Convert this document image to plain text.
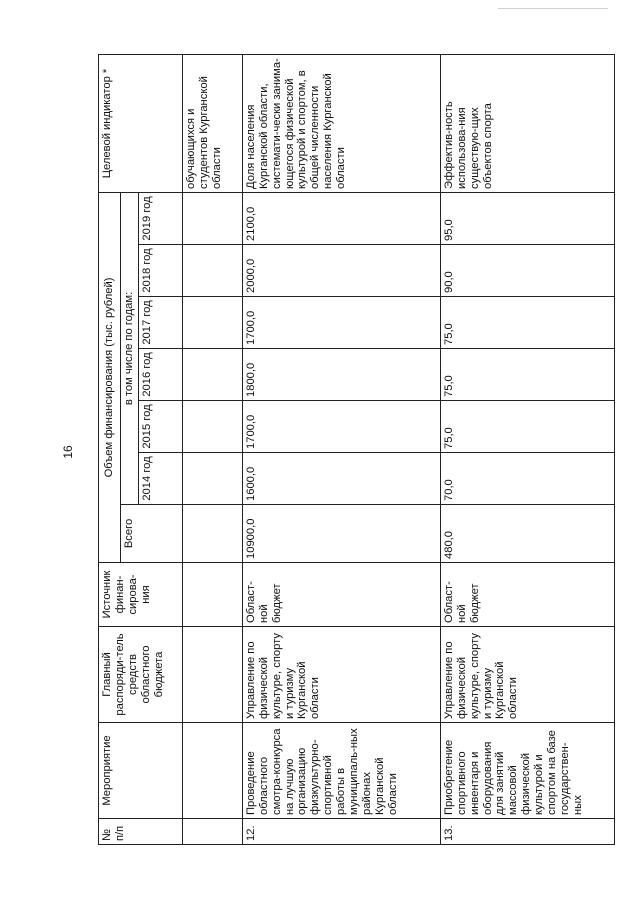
16
№ п/п	Мероприятие	Главный распоряди-тель средств областного бюджета	Источник финан-сирова-ния	Объем финансирования (тыс. рублей)							Целевой индикатор *
				Всего	в том числе по годам:						
					2014 год	2015 год	2016 год	2017 год	2018 год	2019 год	
											обучающихся и студентов Курганской области
12.	Проведение областного смотра-конкурса на лучшую организацию физкультурно-спортивной работы в муниципаль-ных районах Курганской области	Управление по физической культуре, спорту и туризму Курганской области	Област-ной бюджет	10900,0	1600,0	1700,0	1800,0	1700,0	2000,0	2100,0	Доля населения Курганской области, системати-чески занима-ющегося физической культурой и спортом, в общей численности населения Курганской области
13.	Приобретение спортивного инвентаря и оборудования для занятий массовой физической культурой и спортом на базе государствен-ных	Управление по физической культуре, спорту и туризму Курганской области	Област-ной бюджет	480,0	70,0	75,0	75,0	75,0	90,0	95,0	Эффектив-ность использова-ния существую-щих объектов спорта
